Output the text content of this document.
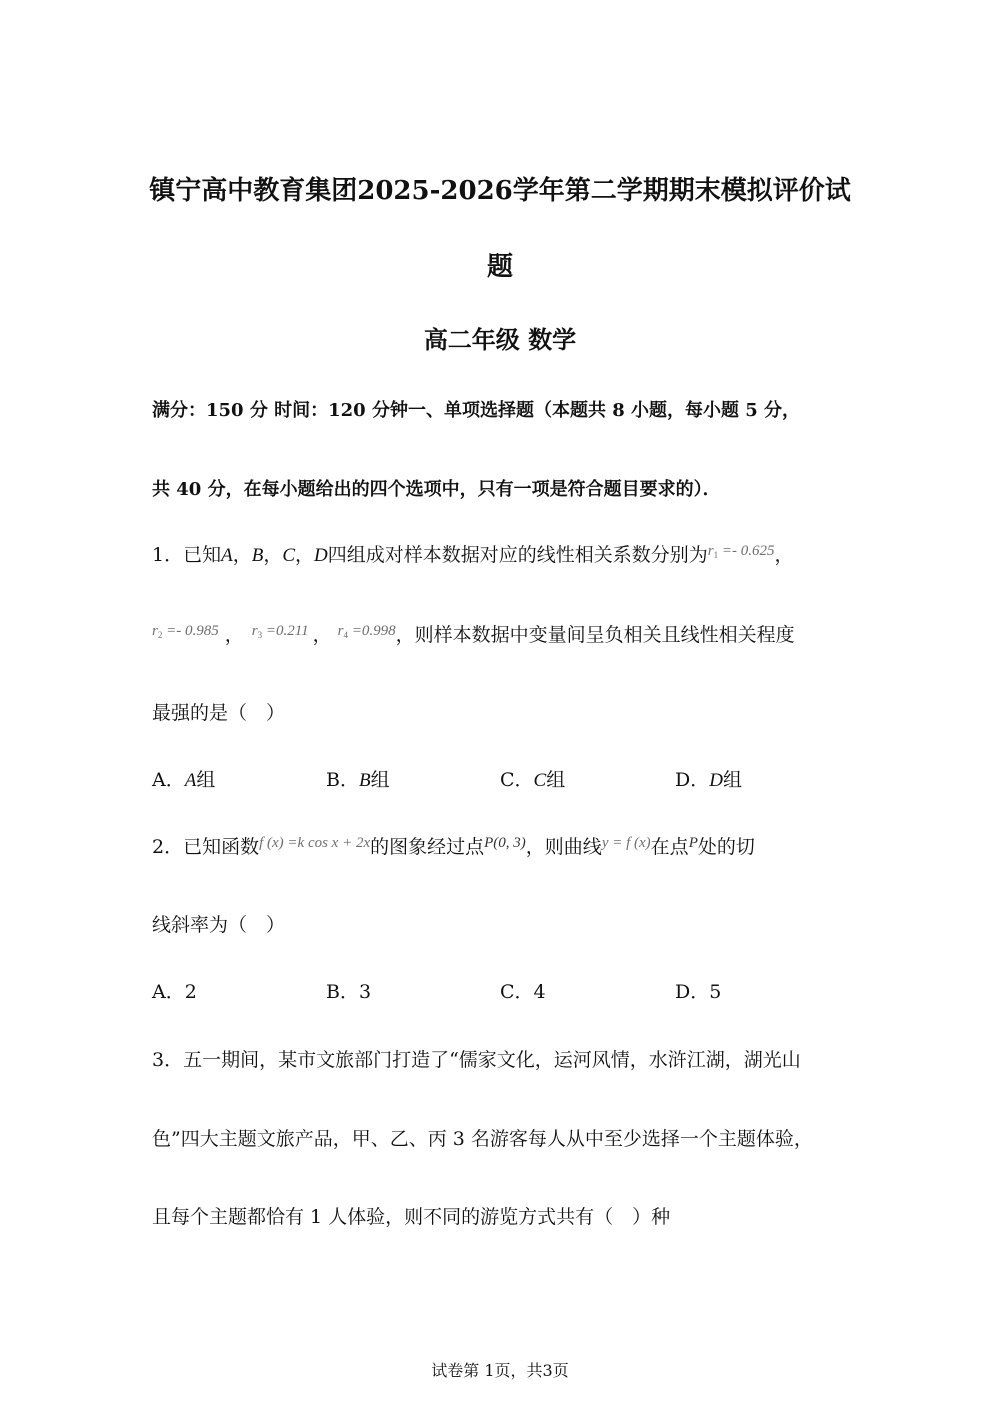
镇宁高中教育集团2025-2026学年第二学期期末模拟评价试
题
高二年级 数学
满分：150 分 时间：120 分钟一、单项选择题（本题共 8 小题，每小题 5 分，
共 40 分，在每小题给出的四个选项中，只有一项是符合题目要求的）．
1．已知A，B，C，D四组成对样本数据对应的线性相关系数分别为$^{r_1 =- 0.625}$，
$^{r_2 =- 0.985}$ ， $^{r_3 =0.211}$ ， $^{r_4 =0.998}$，则样本数据中变量间呈负相关且线性相关程度
最强的是（　）
A．A组	B．B组	C．C组	D．D组
2．已知函数$^{f (x) =k cos x + 2x}$的图象经过点$^{P(0, 3)}$，则曲线$^{y = f (x)}$在点$^P$处的切
线斜率为（　）
A．2	B．3	C．4	D．5
3．五一期间，某市文旅部门打造了“儒家文化，运河风情，水浒江湖，湖光山
色”四大主题文旅产品，甲、乙、丙 3 名游客每人从中至少选择一个主题体验，
且每个主题都恰有 1 人体验，则不同的游览方式共有（　）种
试卷第 1页，共3页
